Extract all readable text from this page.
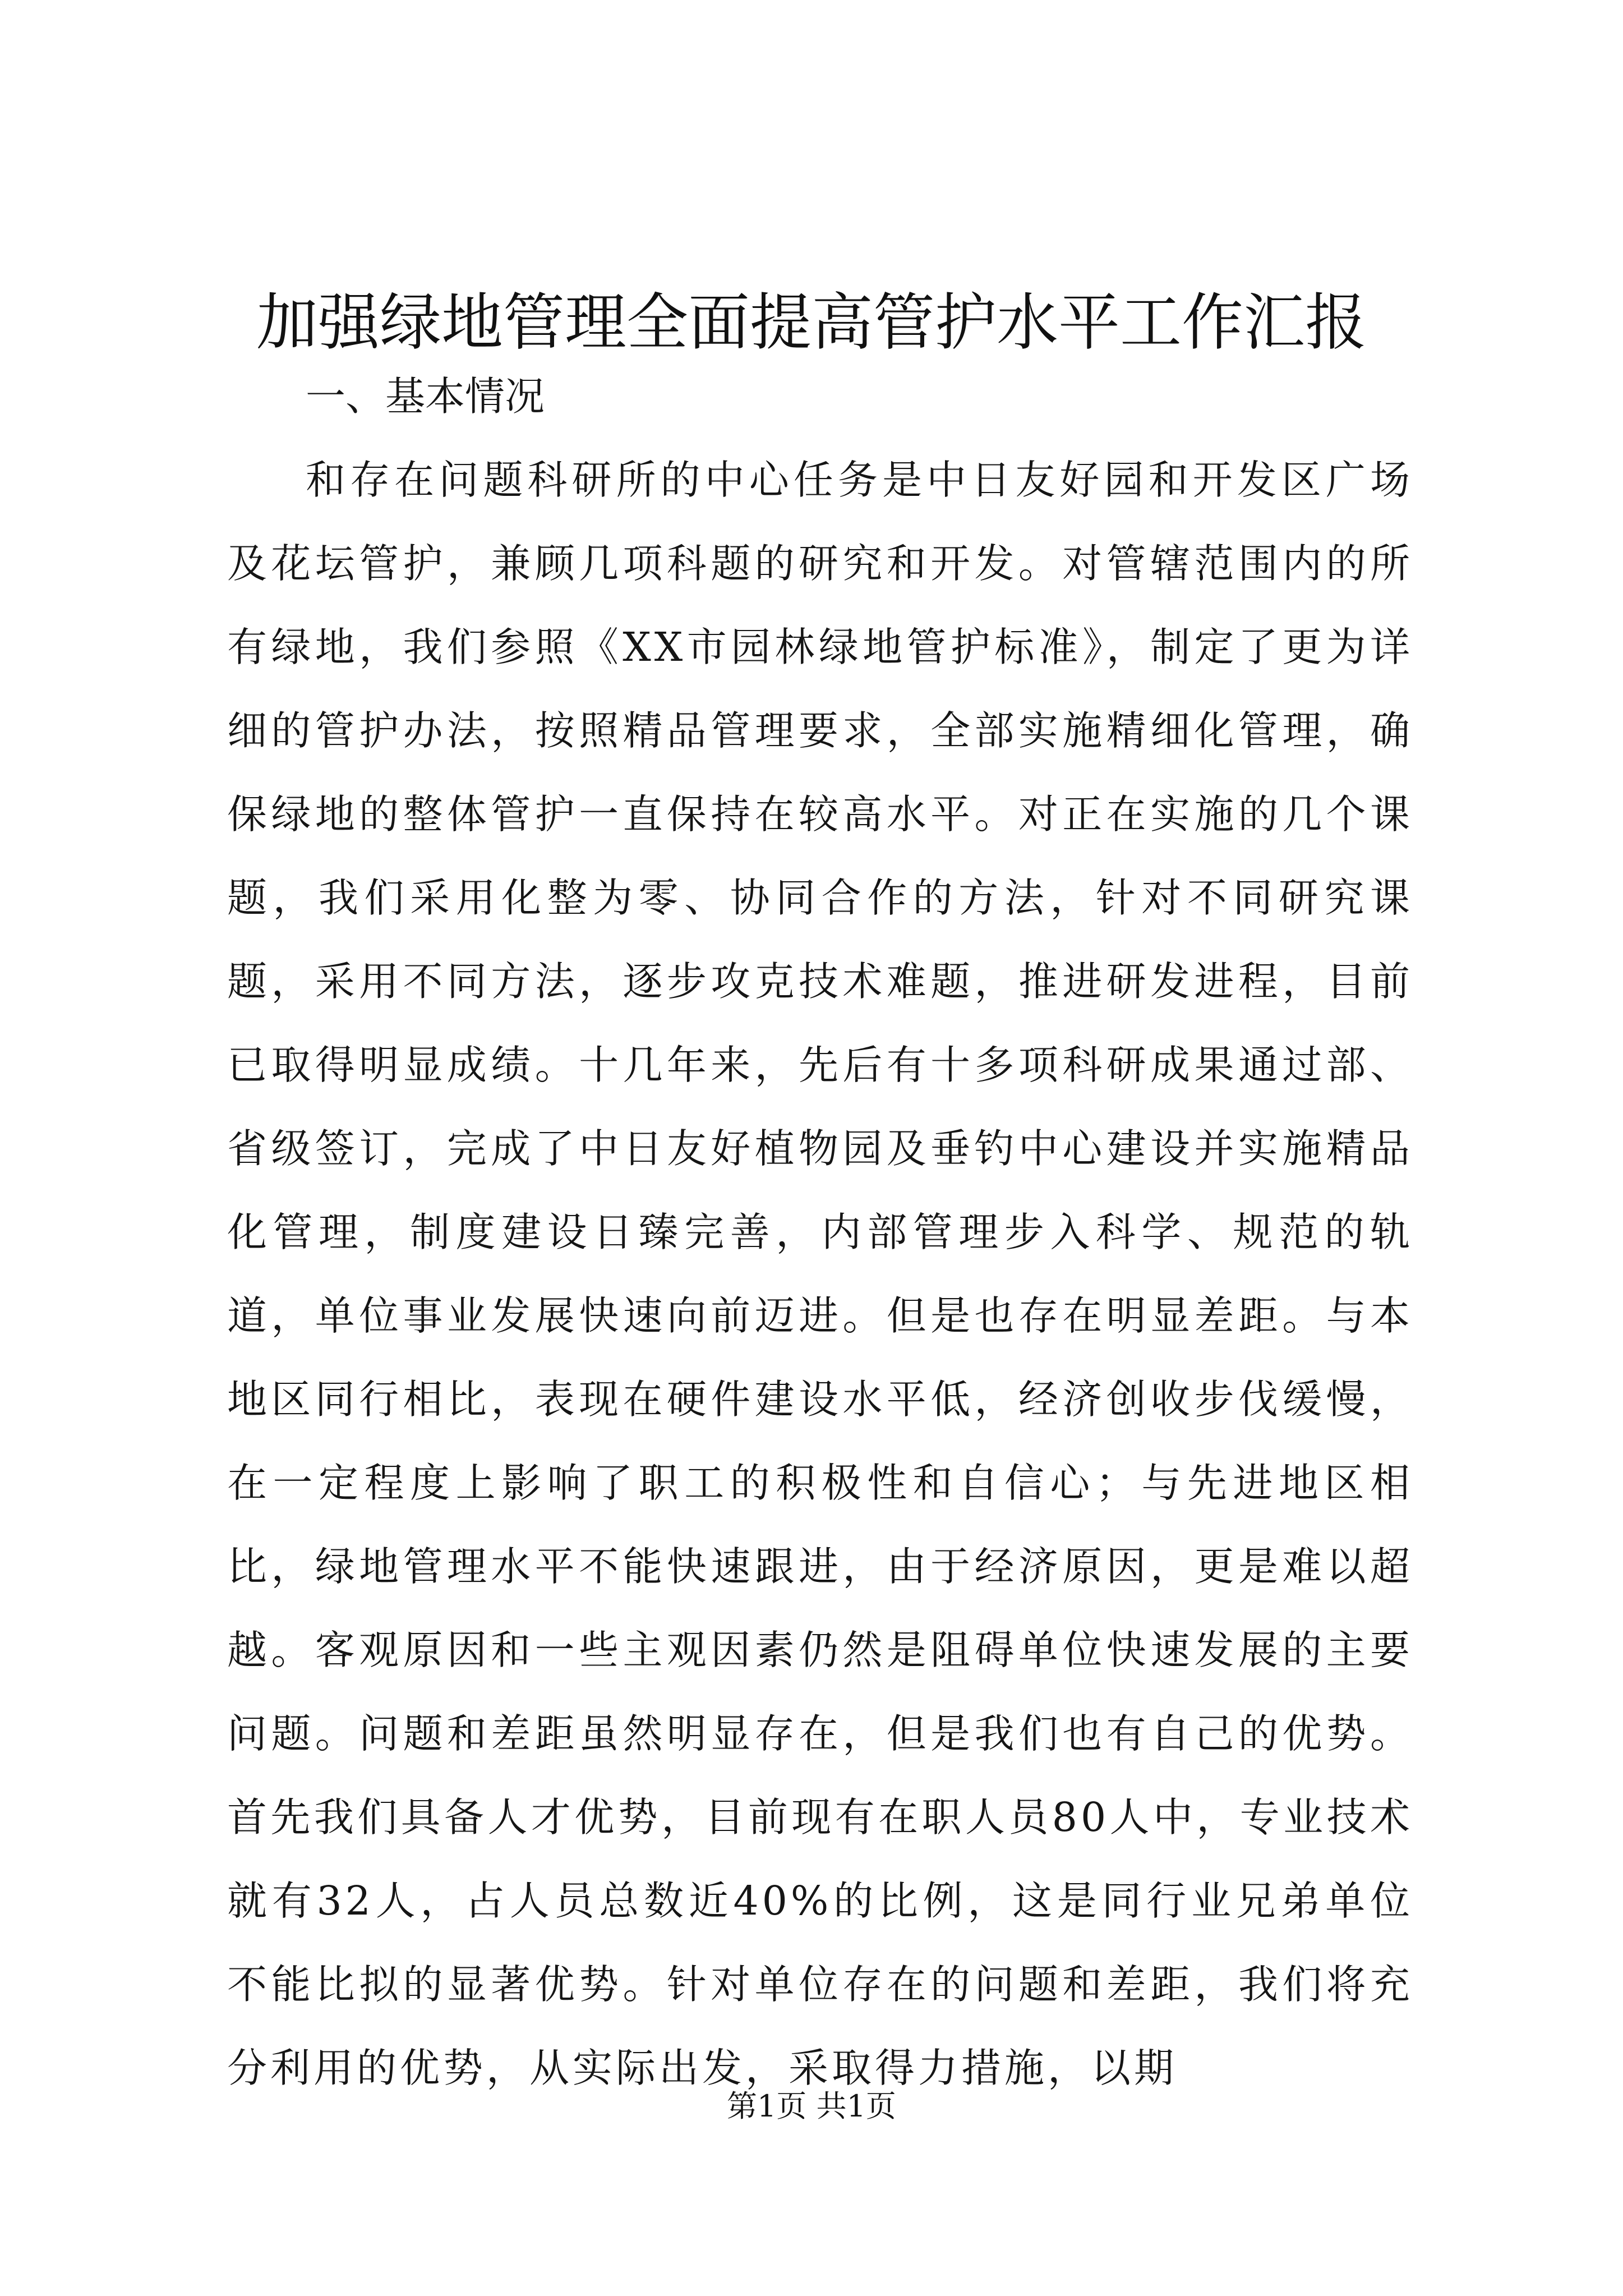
加强绿地管理全面提高管护水平工作汇报

一、基本情况

和存在问题科研所的中心任务是中日友好园和开发区广场及花坛管护，兼顾几项科题的研究和开发。对管辖范围内的所有绿地，我们参照《XX市园林绿地管护标准》，制定了更为详细的管护办法，按照精品管理要求，全部实施精细化管理，确保绿地的整体管护一直保持在较高水平。对正在实施的几个课题，我们采用化整为零、协同合作的方法，针对不同研究课题，采用不同方法，逐步攻克技术难题，推进研发进程，目前已取得明显成绩。十几年来，先后有十多项科研成果通过部、省级签订，完成了中日友好植物园及垂钓中心建设并实施精品化管理，制度建设日臻完善，内部管理步入科学、规范的轨道，单位事业发展快速向前迈进。但是也存在明显差距。与本地区同行相比，表现在硬件建设水平低，经济创收步伐缓慢，在一定程度上影响了职工的积极性和自信心；与先进地区相比，绿地管理水平不能快速跟进，由于经济原因，更是难以超越。客观原因和一些主观因素仍然是阻碍单位快速发展的主要问题。问题和差距虽然明显存在，但是我们也有自己的优势。首先我们具备人才优势，目前现有在职人员80人中，专业技术就有32人，占人员总数近40%的比例，这是同行业兄弟单位不能比拟的显著优势。针对单位存在的问题和差距，我们将充分利用的优势，从实际出发，采取得力措施，以期

第1页 共1页
